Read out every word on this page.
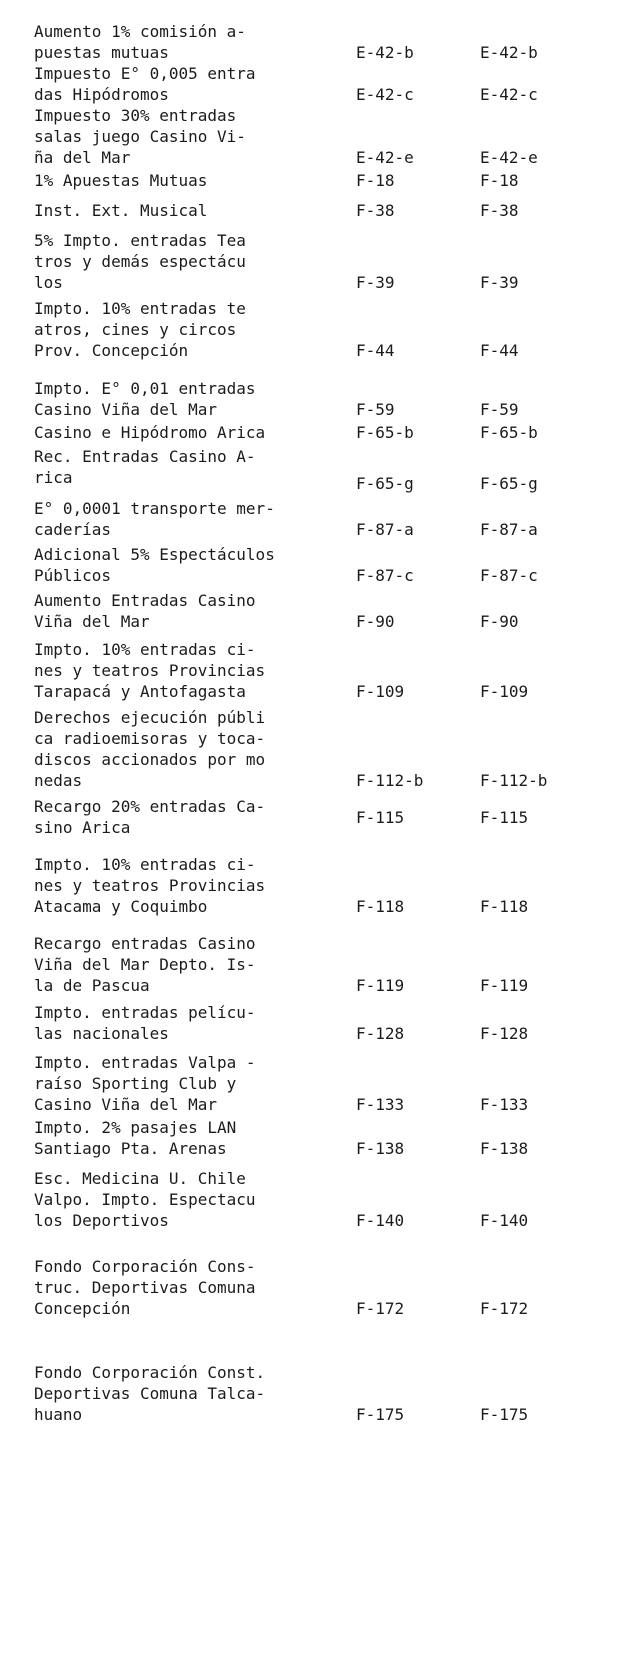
Aumento 1% comisión a-
puestas mutuas	E-42-b	E-42-b
Impuesto E° 0,005 entra
das Hipódromos	E-42-c	E-42-c
Impuesto 30% entradas
salas juego Casino Vi-
ña del Mar	E-42-e	E-42-e
1% Apuestas Mutuas	F-18	F-18
Inst. Ext. Musical	F-38	F-38
5% Impto. entradas Tea
tros y demás espectácu
los	F-39	F-39
Impto. 10% entradas te
atros, cines y circos
Prov. Concepción	F-44	F-44
Impto. E° 0,01 entradas
Casino Viña del Mar	F-59	F-59
Casino e Hipódromo Arica	F-65-b	F-65-b
Rec. Entradas Casino A-
rica	F-65-g	F-65-g
E° 0,0001 transporte mer-
caderías	F-87-a	F-87-a
Adicional 5% Espectáculos
Públicos	F-87-c	F-87-c
Aumento Entradas Casino
Viña del Mar	F-90	F-90
Impto. 10% entradas ci-
nes y teatros Provincias
Tarapacá y Antofagasta	F-109	F-109
Derechos ejecución públi
ca radioemisoras y toca-
discos accionados por mo
nedas	F-112-b	F-112-b
Recargo 20% entradas Ca-
sino Arica
F-115	F-115
Impto. 10% entradas ci-
nes y teatros Provincias
Atacama y Coquimbo	F-118	F-118
Recargo entradas Casino
Viña del Mar Depto. Is-
la de Pascua	F-119	F-119
Impto. entradas pelícu-
las nacionales	F-128	F-128
Impto. entradas Valpa -
raíso Sporting Club y
Casino Viña del Mar	F-133	F-133
Impto. 2% pasajes LAN
Santiago Pta. Arenas	F-138	F-138
Esc. Medicina U. Chile
Valpo. Impto. Espectacu
los Deportivos	F-140	F-140
Fondo Corporación Cons-
truc. Deportivas Comuna
Concepción	F-172	F-172
Fondo Corporación Const.
Deportivas Comuna Talca-
huano	F-175	F-175
